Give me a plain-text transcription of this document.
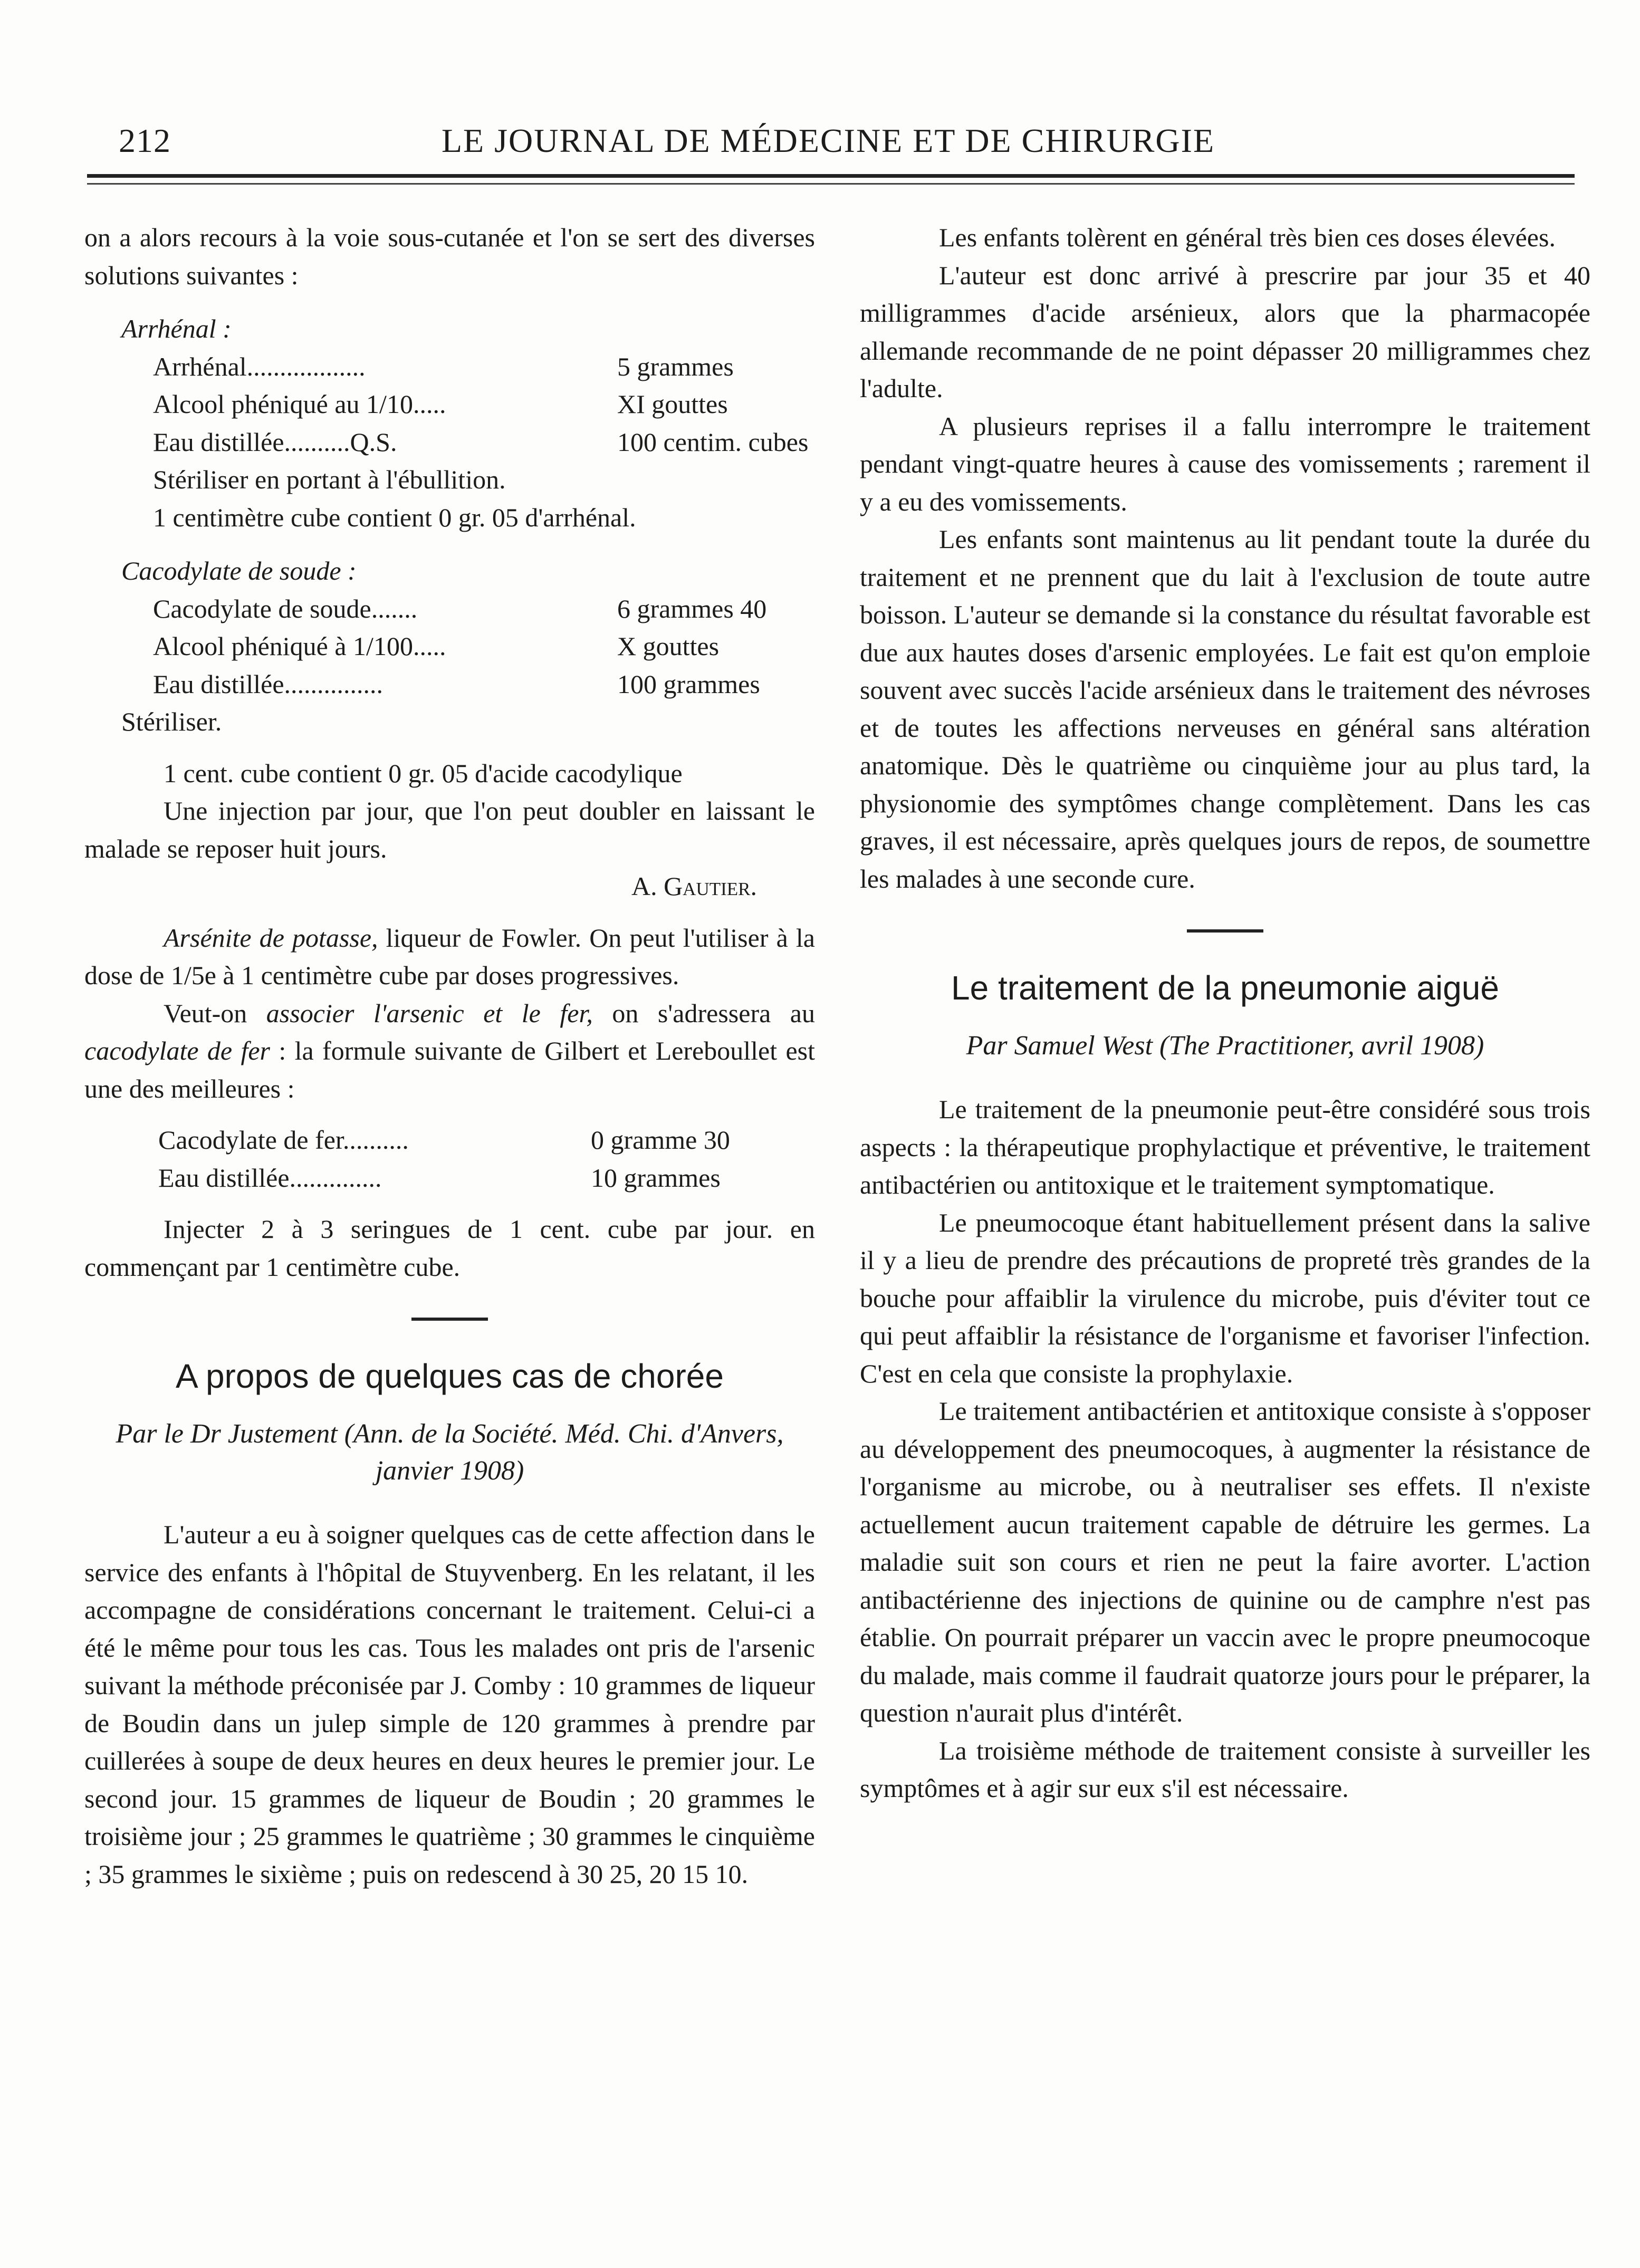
212	LE JOURNAL DE MÉDECINE ET DE CHIRURGIE

on a alors recours à la voie sous-cutanée et l'on se sert des diverses solutions suivantes :

Arrhénal :
Arrhénal..................	5 grammes
Alcool phéniqué au 1/10.....	XI gouttes
Eau distillée..........Q.S.	100 centim. cubes
Stériliser en portant à l'ébullition.
1 centimètre cube contient 0 gr. 05 d'arrhénal.
Cacodylate de soude :
Cacodylate de soude.......	6 grammes 40
Alcool phéniqué à 1/100.....	X gouttes
Eau distillée...............	100 grammes
Stériliser.

1 cent. cube contient 0 gr. 05 d'acide cacodylique

Une injection par jour, que l'on peut doubler en laissant le malade se reposer huit jours.

A. Gautier.

Arsénite de potasse, liqueur de Fowler. On peut l'utiliser à la dose de 1/5e à 1 centimètre cube par doses progressives.

Veut-on associer l'arsenic et le fer, on s'adressera au cacodylate de fer : la formule suivante de Gilbert et Lereboullet est une des meilleures :

Cacodylate de fer..........	0 gramme 30
Eau distillée..............	10 grammes

Injecter 2 à 3 seringues de 1 cent. cube par jour. en commençant par 1 centimètre cube.

A propos de quelques cas de chorée
Par le Dr Justement (Ann. de la Société. Méd. Chi. d'Anvers, janvier 1908)

L'auteur a eu à soigner quelques cas de cette affection dans le service des enfants à l'hôpital de Stuyvenberg. En les relatant, il les accompagne de considérations concernant le traitement. Celui-ci a été le même pour tous les cas. Tous les malades ont pris de l'arsenic suivant la méthode préconisée par J. Comby : 10 grammes de liqueur de Boudin dans un julep simple de 120 grammes à prendre par cuillerées à soupe de deux heures en deux heures le premier jour. Le second jour. 15 grammes de liqueur de Boudin ; 20 grammes le troisième jour ; 25 grammes le quatrième ; 30 grammes le cinquième ; 35 grammes le sixième ; puis on redescend à 30 25, 20 15 10.

Les enfants tolèrent en général très bien ces doses élevées.

L'auteur est donc arrivé à prescrire par jour 35 et 40 milligrammes d'acide arsénieux, alors que la pharmacopée allemande recommande de ne point dépasser 20 milligrammes chez l'adulte.

A plusieurs reprises il a fallu interrompre le traitement pendant vingt-quatre heures à cause des vomissements ; rarement il y a eu des vomissements.

Les enfants sont maintenus au lit pendant toute la durée du traitement et ne prennent que du lait à l'exclusion de toute autre boisson. L'auteur se demande si la constance du résultat favorable est due aux hautes doses d'arsenic employées. Le fait est qu'on emploie souvent avec succès l'acide arsénieux dans le traitement des névroses et de toutes les affections nerveuses en général sans altération anatomique. Dès le quatrième ou cinquième jour au plus tard, la physionomie des symptômes change complètement. Dans les cas graves, il est nécessaire, après quelques jours de repos, de soumettre les malades à une seconde cure.

Le traitement de la pneumonie aiguë
Par Samuel West (The Practitioner, avril 1908)

Le traitement de la pneumonie peut-être considéré sous trois aspects : la thérapeutique prophylactique et préventive, le traitement antibactérien ou antitoxique et le traitement symptomatique.

Le pneumocoque étant habituellement présent dans la salive il y a lieu de prendre des précautions de propreté très grandes de la bouche pour affaiblir la virulence du microbe, puis d'éviter tout ce qui peut affaiblir la résistance de l'organisme et favoriser l'infection. C'est en cela que consiste la prophylaxie.

Le traitement antibactérien et antitoxique consiste à s'opposer au développement des pneumocoques, à augmenter la résistance de l'organisme au microbe, ou à neutraliser ses effets. Il n'existe actuellement aucun traitement capable de détruire les germes. La maladie suit son cours et rien ne peut la faire avorter. L'action antibactérienne des injections de quinine ou de camphre n'est pas établie. On pourrait préparer un vaccin avec le propre pneumocoque du malade, mais comme il faudrait quatorze jours pour le préparer, la question n'aurait plus d'intérêt.

La troisième méthode de traitement consiste à surveiller les symptômes et à agir sur eux s'il est nécessaire.
